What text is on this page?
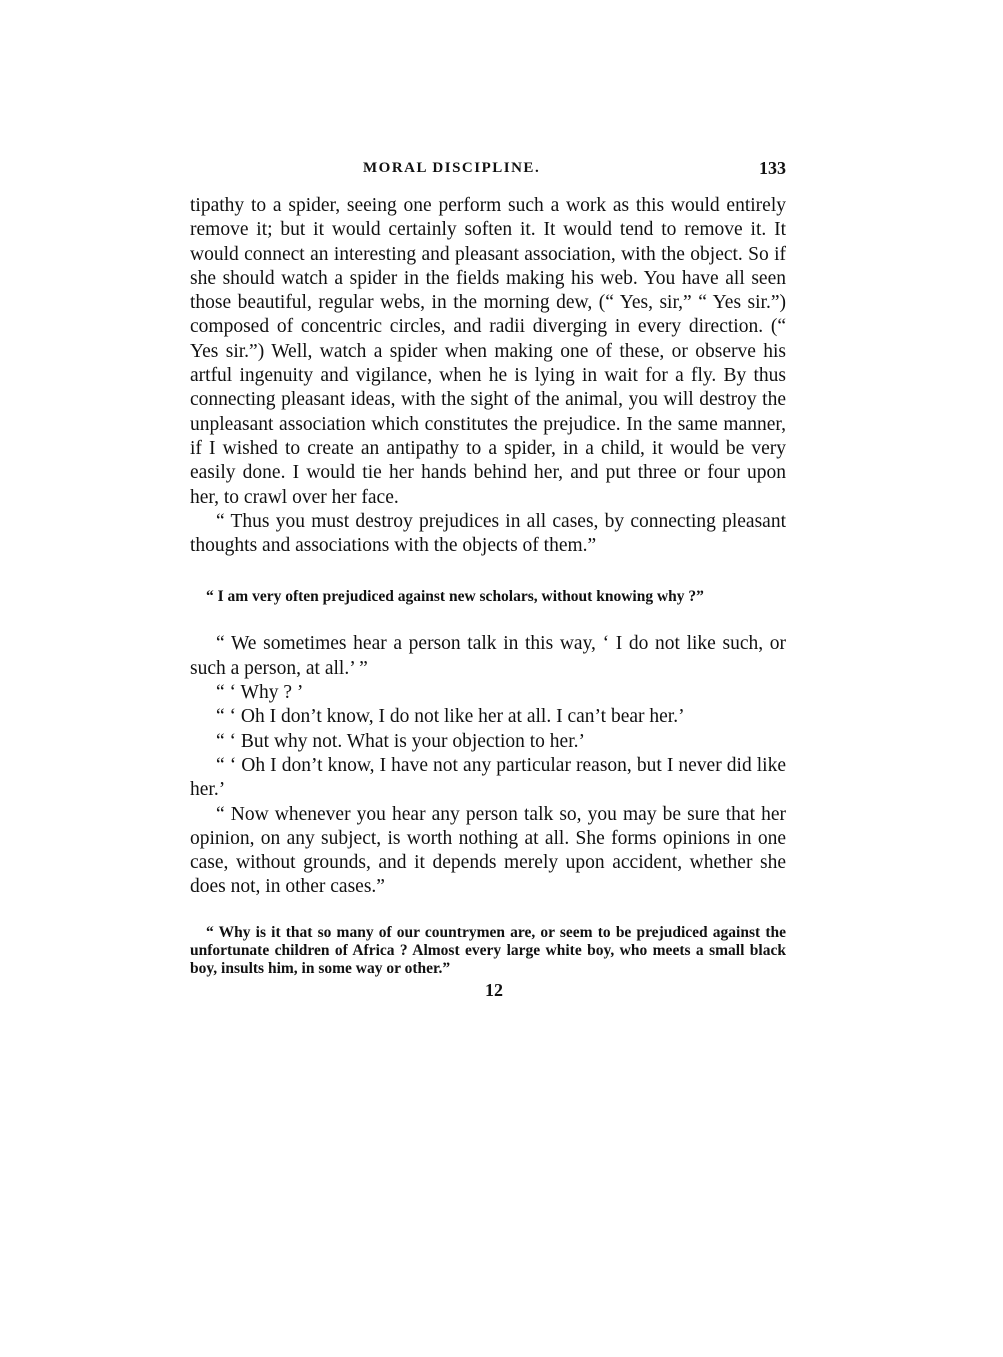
MORAL DISCIPLINE.	133

tipathy to a spider, seeing one perform such a work as this would entirely remove it; but it would certainly soften it. It would tend to remove it. It would connect an interesting and pleasant association, with the object. So if she should watch a spider in the fields making his web. You have all seen those beautiful, regular webs, in the morning dew, (“ Yes, sir,” “ Yes sir.”) composed of concentric circles, and radii diverging in every direction. (“ Yes sir.”) Well, watch a spider when making one of these, or observe his artful ingenuity and vigilance, when he is lying in wait for a fly. By thus connecting pleasant ideas, with the sight of the animal, you will destroy the unpleasant association which constitutes the prejudice. In the same manner, if I wished to create an antipathy to a spider, in a child, it would be very easily done. I would tie her hands behind her, and put three or four upon her, to crawl over her face.

“ Thus you must destroy prejudices in all cases, by connecting pleasant thoughts and associations with the objects of them.”

“ I am very often prejudiced against new scholars, without knowing why ?”

“ We sometimes hear a person talk in this way, ‘ I do not like such, or such a person, at all.’ ”

“ ‘ Why ? ’

“ ‘ Oh I don’t know, I do not like her at all. I can’t bear her.’

“ ‘ But why not. What is your objection to her.’

“ ‘ Oh I don’t know, I have not any particular reason, but I never did like her.’

“ Now whenever you hear any person talk so, you may be sure that her opinion, on any subject, is worth nothing at all. She forms opinions in one case, without grounds, and it depends merely upon accident, whether she does not, in other cases.”

“ Why is it that so many of our countrymen are, or seem to be prejudiced against the unfortunate children of Africa ? Almost every large white boy, who meets a small black boy, insults him, in some way or other.”
12
